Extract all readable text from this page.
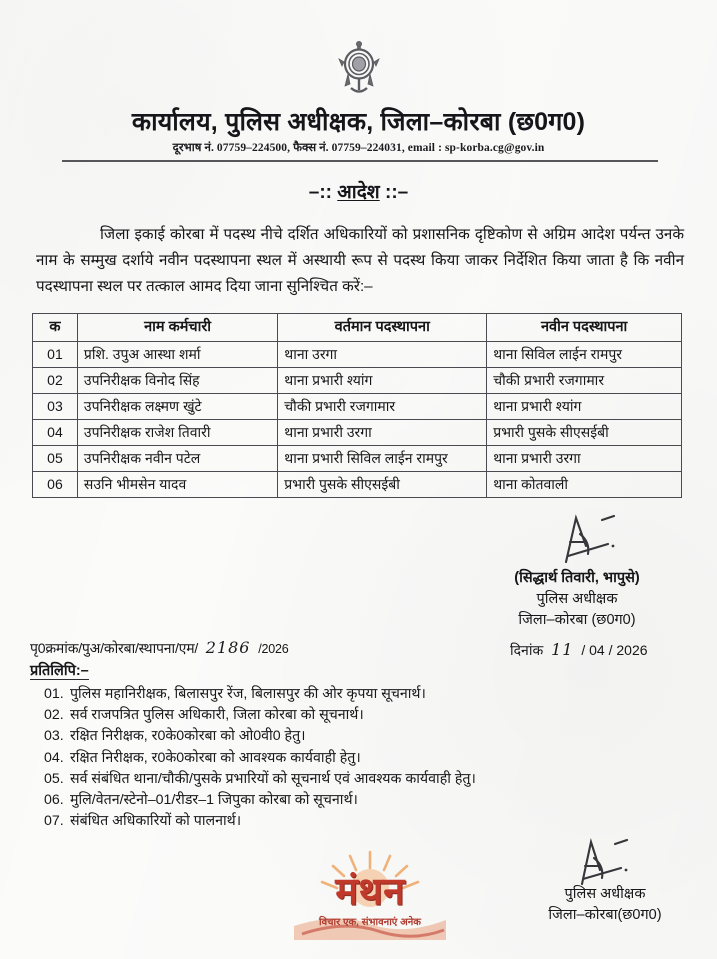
कार्यालय, पुलिस अधीक्षक, जिला–कोरबा (छ0ग0)
दूरभाष नं. 07759–224500, फैक्स नं. 07759–224031, email : sp-korba.cg@gov.in
–:: आदेश ::–
जिला इकाई कोरबा में पदस्थ नीचे दर्शित अधिकारियों को प्रशासनिक दृष्टिकोण से अग्रिम आदेश पर्यन्त उनके नाम के सम्मुख दर्शाये नवीन पदस्थापना स्थल में अस्थायी रूप से पदस्थ किया जाकर निर्देशित किया जाता है कि नवीन पदस्थापना स्थल पर तत्काल आमद दिया जाना सुनिश्चित करें:–
क	नाम कर्मचारी	वर्तमान पदस्थापना	नवीन पदस्थापना
01	प्रशि. उपुअ आस्था शर्मा	थाना उरगा	थाना सिविल लाईन रामपुर
02	उपनिरीक्षक विनोद सिंह	थाना प्रभारी श्यांग	चौकी प्रभारी रजगामार
03	उपनिरीक्षक लक्ष्मण खुंटे	चौकी प्रभारी रजगामार	थाना प्रभारी श्यांग
04	उपनिरीक्षक राजेश तिवारी	थाना प्रभारी उरगा	प्रभारी पुसके सीएसईबी
05	उपनिरीक्षक नवीन पटेल	थाना प्रभारी सिविल लाईन रामपुर	थाना प्रभारी उरगा
06	सउनि भीमसेन यादव	प्रभारी पुसके सीएसईबी	थाना कोतवाली
(सिद्धार्थ तिवारी, भापुसे)
पुलिस अधीक्षक
जिला–कोरबा (छ0ग0)
पृ0क्रमांक/पुअ/कोरबा/स्थापना/एम/ 2186 /2026	दिनांक 11 / 04 / 2026
प्रतिलिपि:–
01. पुलिस महानिरीक्षक, बिलासपुर रेंज, बिलासपुर की ओर कृपया सूचनार्थ।
02. सर्व राजपत्रित पुलिस अधिकारी, जिला कोरबा को सूचनार्थ।
03. रक्षित निरीक्षक, र0के0कोरबा को ओ0वी0 हेतु।
04. रक्षित निरीक्षक, र0के0कोरबा को आवश्यक कार्यवाही हेतु।
05. सर्व संबंधित थाना/चौकी/पुसके प्रभारियों को सूचनार्थ एवं आवश्यक कार्यवाही हेतु।
06. मुलि/वेतन/स्टेनो–01/रीडर–1 जिपुका कोरबा को सूचनार्थ।
07. संबंधित अधिकारियों को पालनार्थ।
मंथन
विचार एक, संभावनाएं अनेक
पुलिस अधीक्षक
जिला–कोरबा(छ0ग0)
